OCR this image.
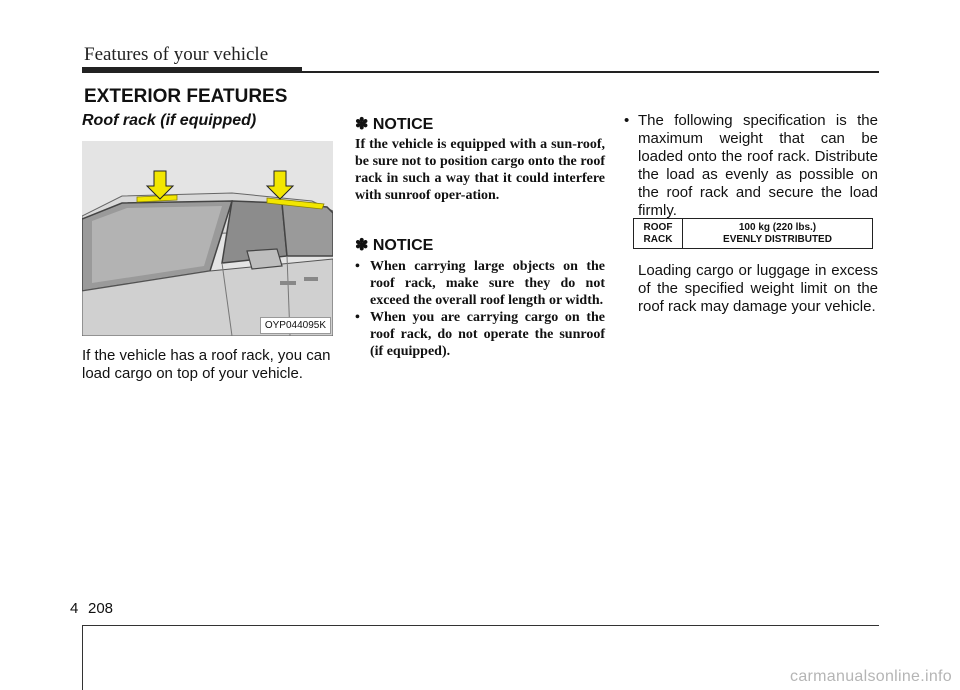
Features of your vehicle
EXTERIOR FEATURES
Roof rack (if equipped)
OYP044095K

If the vehicle has a roof rack, you can load cargo on top of your vehicle.

✽ NOTICE

If the vehicle is equipped with a sun-roof, be sure not to position cargo onto the roof rack in such a way that it could interfere with sunroof oper-ation.

✽ NOTICE
• When carrying large objects on the roof rack, make sure they do not exceed the overall roof length or width.
• When you are carrying cargo on the roof rack, do not operate the sunroof (if equipped).

• The following specification is the maximum weight that can be loaded onto the roof rack. Distribute the load as evenly as possible on the roof rack and secure the load firmly.

ROOF
RACK

100 kg (220 lbs.)
EVENLY DISTRIBUTED

Loading cargo or luggage in excess of the specified weight limit on the roof rack may damage your vehicle.

4 208
carmanualsonline.info
